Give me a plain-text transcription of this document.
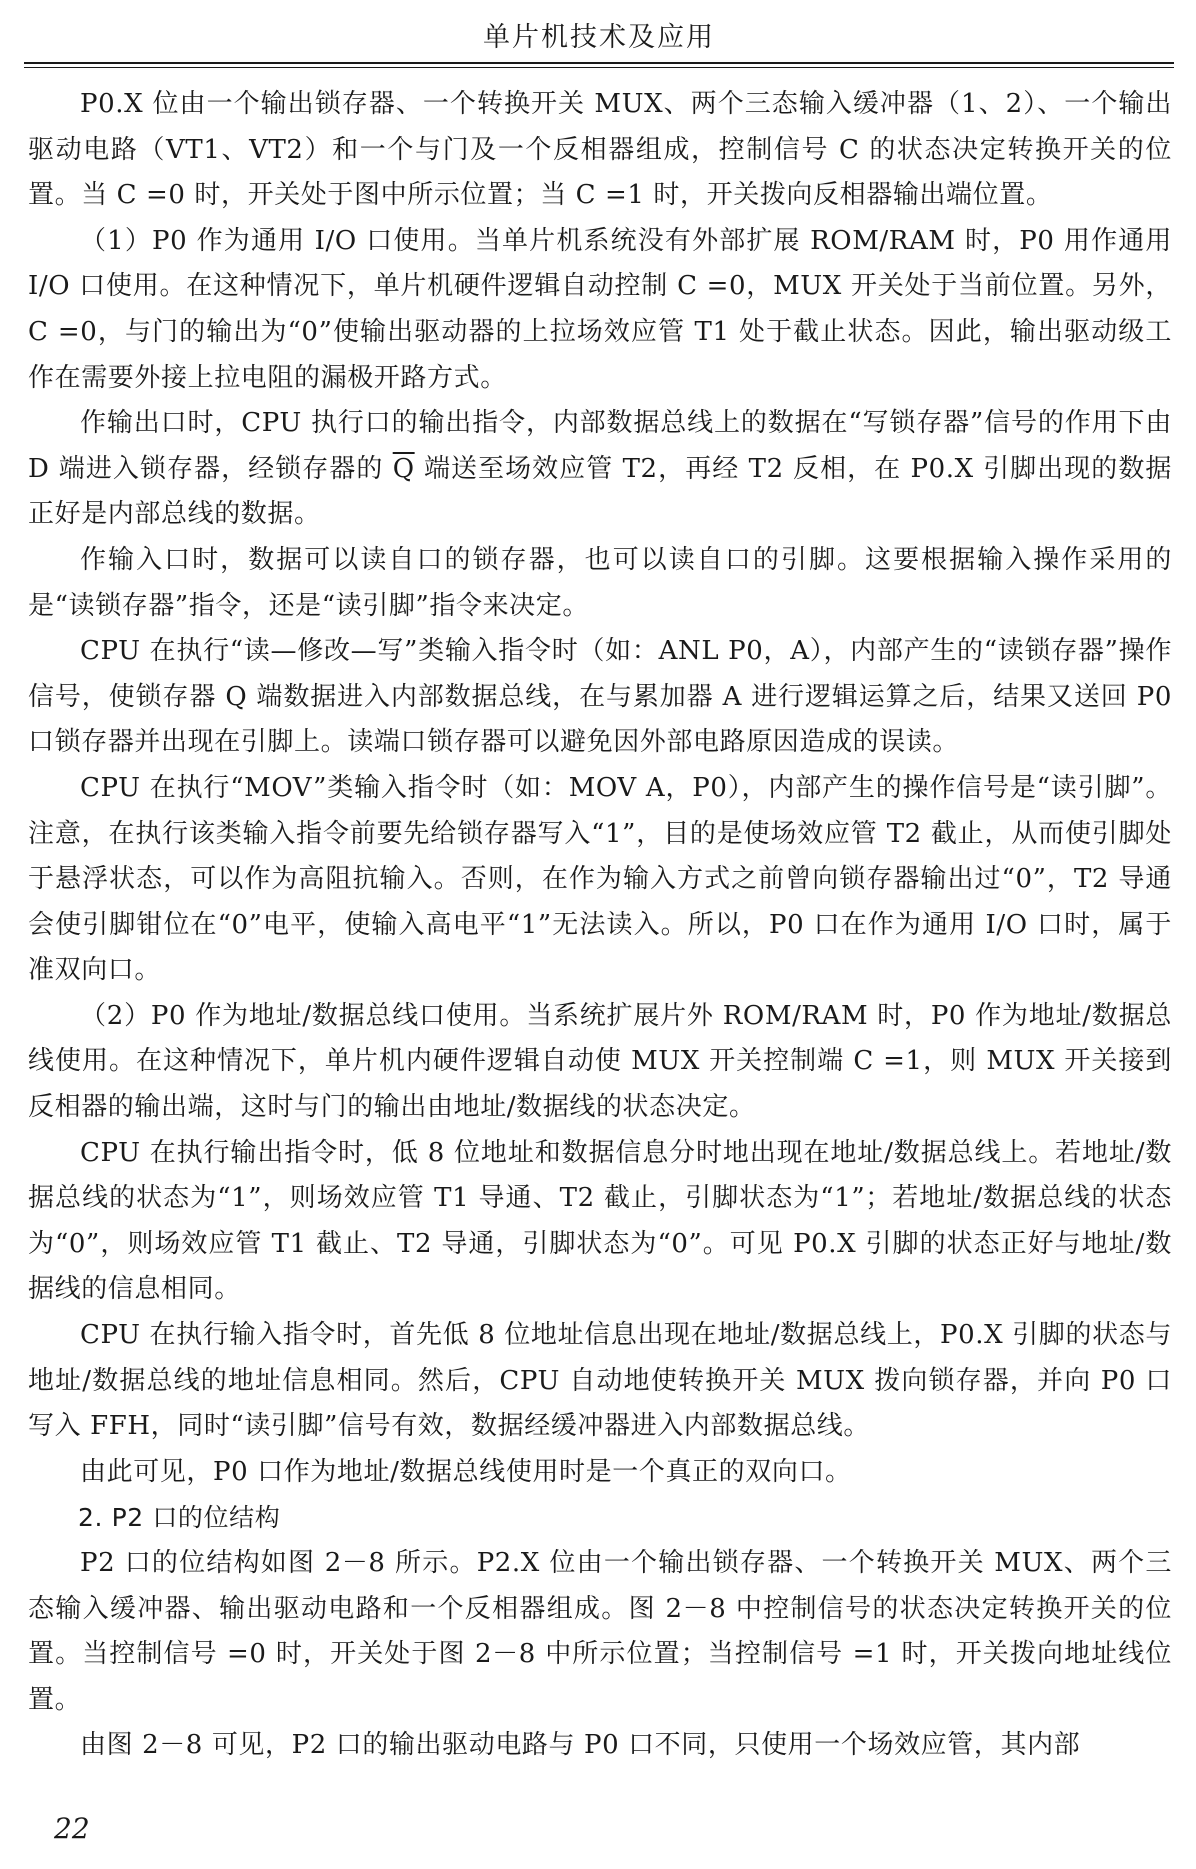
单片机技术及应用

P0.X 位由一个输出锁存器、一个转换开关 MUX、两个三态输入缓冲器（1、2）、一个输出驱动电路（VT1、VT2）和一个与门及一个反相器组成，控制信号 C 的状态决定转换开关的位置。当 C =0 时，开关处于图中所示位置；当 C =1 时，开关拨向反相器输出端位置。

（1）P0 作为通用 I/O 口使用。当单片机系统没有外部扩展 ROM/RAM 时，P0 用作通用 I/O 口使用。在这种情况下，单片机硬件逻辑自动控制 C =0，MUX 开关处于当前位置。另外，C =0，与门的输出为“0”使输出驱动器的上拉场效应管 T1 处于截止状态。因此，输出驱动级工作在需要外接上拉电阻的漏极开路方式。

作输出口时，CPU 执行口的输出指令，内部数据总线上的数据在“写锁存器”信号的作用下由 D 端进入锁存器，经锁存器的 $\overline{Q}$ 端送至场效应管 T2，再经 T2 反相，在 P0.X 引脚出现的数据正好是内部总线的数据。

作输入口时，数据可以读自口的锁存器，也可以读自口的引脚。这要根据输入操作采用的是“读锁存器”指令，还是“读引脚”指令来决定。

CPU 在执行“读—修改—写”类输入指令时（如：ANL P0，A），内部产生的“读锁存器”操作信号，使锁存器 Q 端数据进入内部数据总线，在与累加器 A 进行逻辑运算之后，结果又送回 P0 口锁存器并出现在引脚上。读端口锁存器可以避免因外部电路原因造成的误读。

CPU 在执行“MOV”类输入指令时（如：MOV A，P0），内部产生的操作信号是“读引脚”。注意，在执行该类输入指令前要先给锁存器写入“1”，目的是使场效应管 T2 截止，从而使引脚处于悬浮状态，可以作为高阻抗输入。否则，在作为输入方式之前曾向锁存器输出过“0”，T2 导通会使引脚钳位在“0”电平，使输入高电平“1”无法读入。所以，P0 口在作为通用 I/O 口时，属于准双向口。

（2）P0 作为地址/数据总线口使用。当系统扩展片外 ROM/RAM 时，P0 作为地址/数据总线使用。在这种情况下，单片机内硬件逻辑自动使 MUX 开关控制端 C =1，则 MUX 开关接到反相器的输出端，这时与门的输出由地址/数据线的状态决定。

CPU 在执行输出指令时，低 8 位地址和数据信息分时地出现在地址/数据总线上。若地址/数据总线的状态为“1”，则场效应管 T1 导通、T2 截止，引脚状态为“1”；若地址/数据总线的状态为“0”，则场效应管 T1 截止、T2 导通，引脚状态为“0”。可见 P0.X 引脚的状态正好与地址/数据线的信息相同。

CPU 在执行输入指令时，首先低 8 位地址信息出现在地址/数据总线上，P0.X 引脚的状态与地址/数据总线的地址信息相同。然后，CPU 自动地使转换开关 MUX 拨向锁存器，并向 P0 口写入 FFH，同时“读引脚”信号有效，数据经缓冲器进入内部数据总线。

由此可见，P0 口作为地址/数据总线使用时是一个真正的双向口。

2. P2 口的位结构

P2 口的位结构如图 2－8 所示。P2.X 位由一个输出锁存器、一个转换开关 MUX、两个三态输入缓冲器、输出驱动电路和一个反相器组成。图 2－8 中控制信号的状态决定转换开关的位置。当控制信号 =0 时，开关处于图 2－8 中所示位置；当控制信号 =1 时，开关拨向地址线位置。

由图 2－8 可见，P2 口的输出驱动电路与 P0 口不同，只使用一个场效应管，其内部

22
